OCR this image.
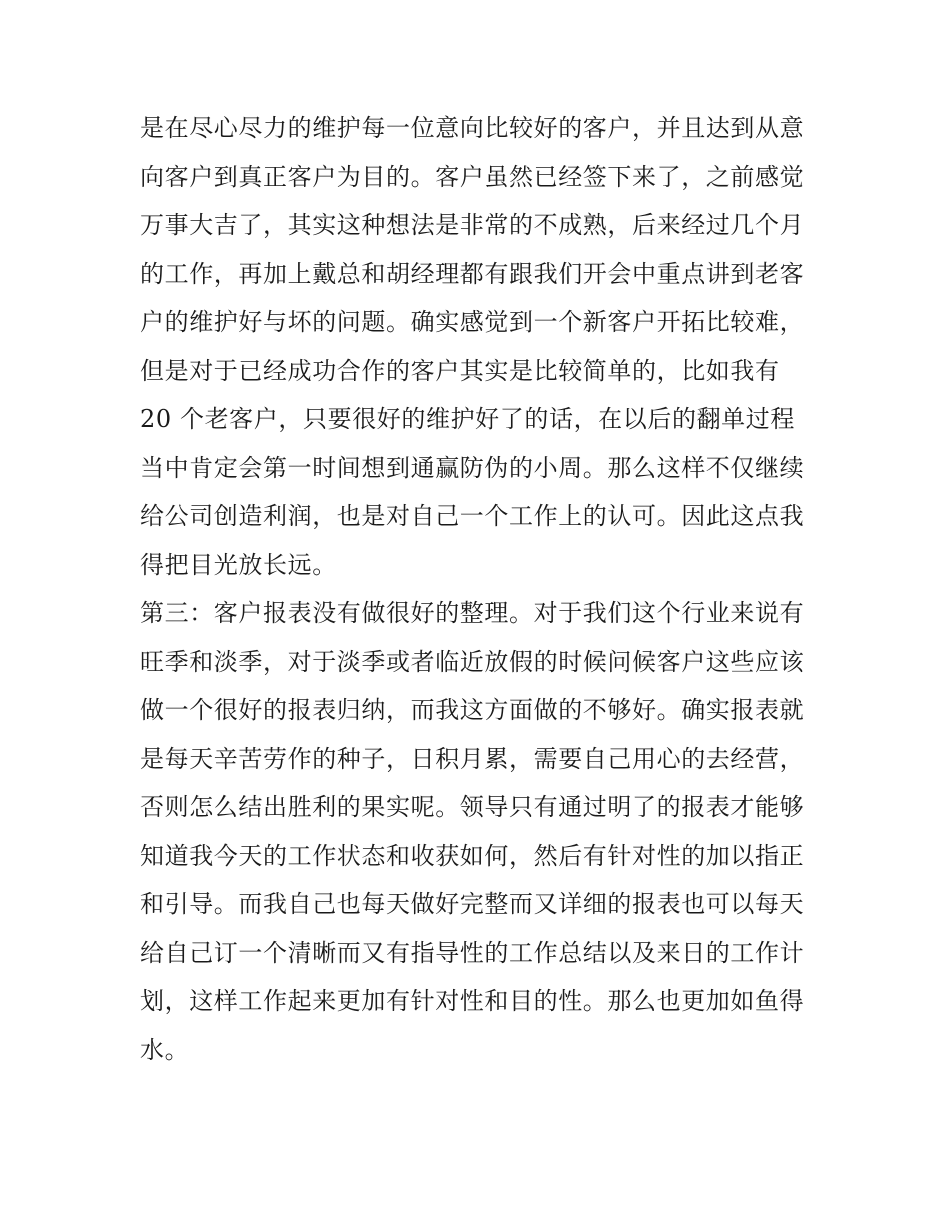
是在尽心尽力的维护每一位意向比较好的客户，并且达到从意
向客户到真正客户为目的。客户虽然已经签下来了，之前感觉
万事大吉了，其实这种想法是非常的不成熟，后来经过几个月
的工作，再加上戴总和胡经理都有跟我们开会中重点讲到老客
户的维护好与坏的问题。确实感觉到一个新客户开拓比较难，
但是对于已经成功合作的客户其实是比较简单的，比如我有
20 个老客户，只要很好的维护好了的话，在以后的翻单过程
当中肯定会第一时间想到通赢防伪的小周。那么这样不仅继续
给公司创造利润，也是对自己一个工作上的认可。因此这点我
得把目光放长远。
第三：客户报表没有做很好的整理。对于我们这个行业来说有
旺季和淡季，对于淡季或者临近放假的时候问候客户这些应该
做一个很好的报表归纳，而我这方面做的不够好。确实报表就
是每天辛苦劳作的种子，日积月累，需要自己用心的去经营，
否则怎么结出胜利的果实呢。领导只有通过明了的报表才能够
知道我今天的工作状态和收获如何，然后有针对性的加以指正
和引导。而我自己也每天做好完整而又详细的报表也可以每天
给自己订一个清晰而又有指导性的工作总结以及来日的工作计
划，这样工作起来更加有针对性和目的性。那么也更加如鱼得
水。
